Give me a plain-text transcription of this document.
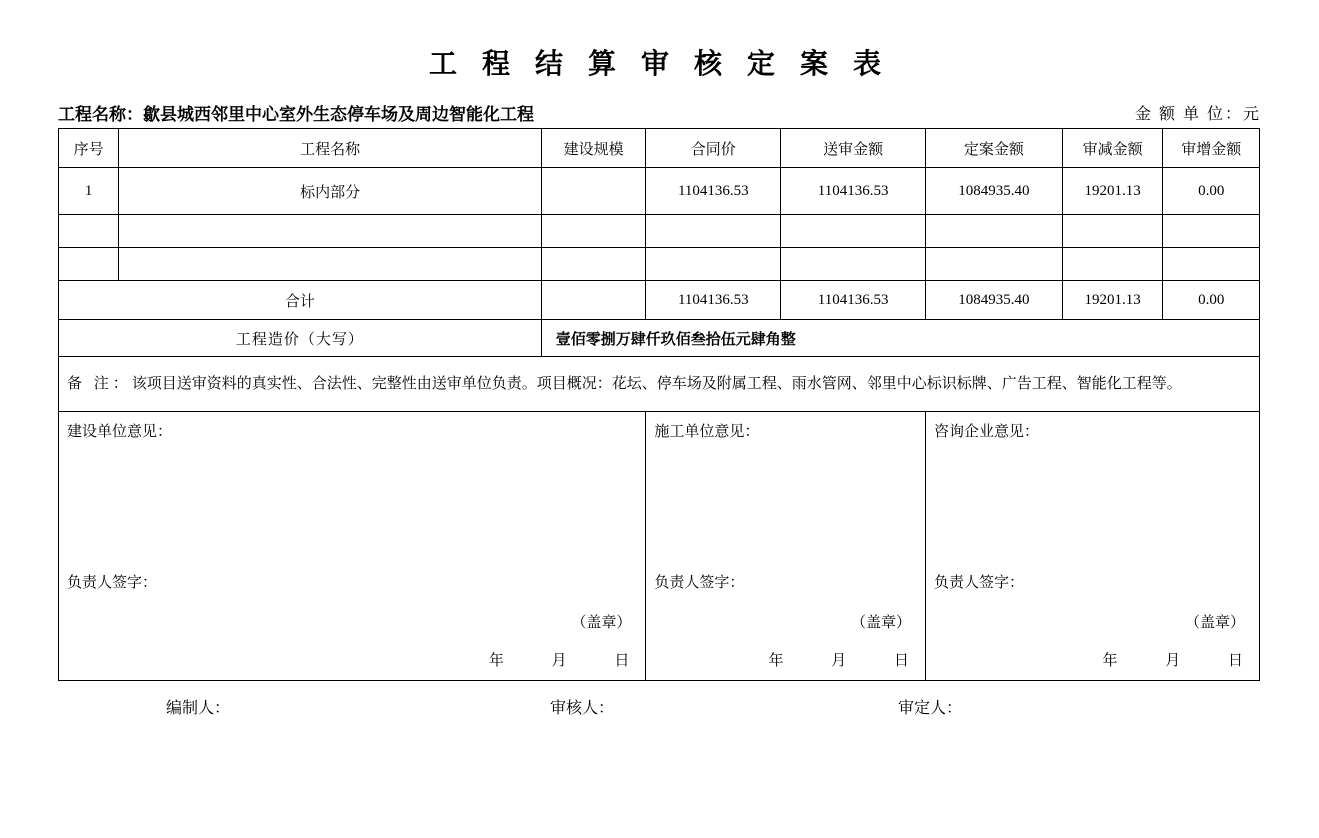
工 程 结 算 审 核 定 案 表
工程名称：歙县城西邻里中心室外生态停车场及周边智能化工程	金 额 单 位：元
序号	工程名称	建设规模	合同价	送审金额	定案金额	审减金额	审增金额
1	标内部分		1104136.53	1104136.53	1084935.40	19201.13	0.00

合计			1104136.53	1104136.53	1084935.40	19201.13	0.00
工程造价（大写）		壹佰零捌万肆仟玖佰叁拾伍元肆角整					
备 注：该项目送审资料的真实性、合法性、完整性由送审单位负责。项目概况：花坛、停车场及附属工程、雨水管网、邻里中心标识标牌、广告工程、智能化工程等。							

建设单位意见：
负责人签字：
（盖章）
年	月	日

施工单位意见：
负责人签字：
（盖章）
年	月	日

咨询企业意见：
负责人签字：
（盖章）
年	月	日
编制人：	审核人：	审定人：
